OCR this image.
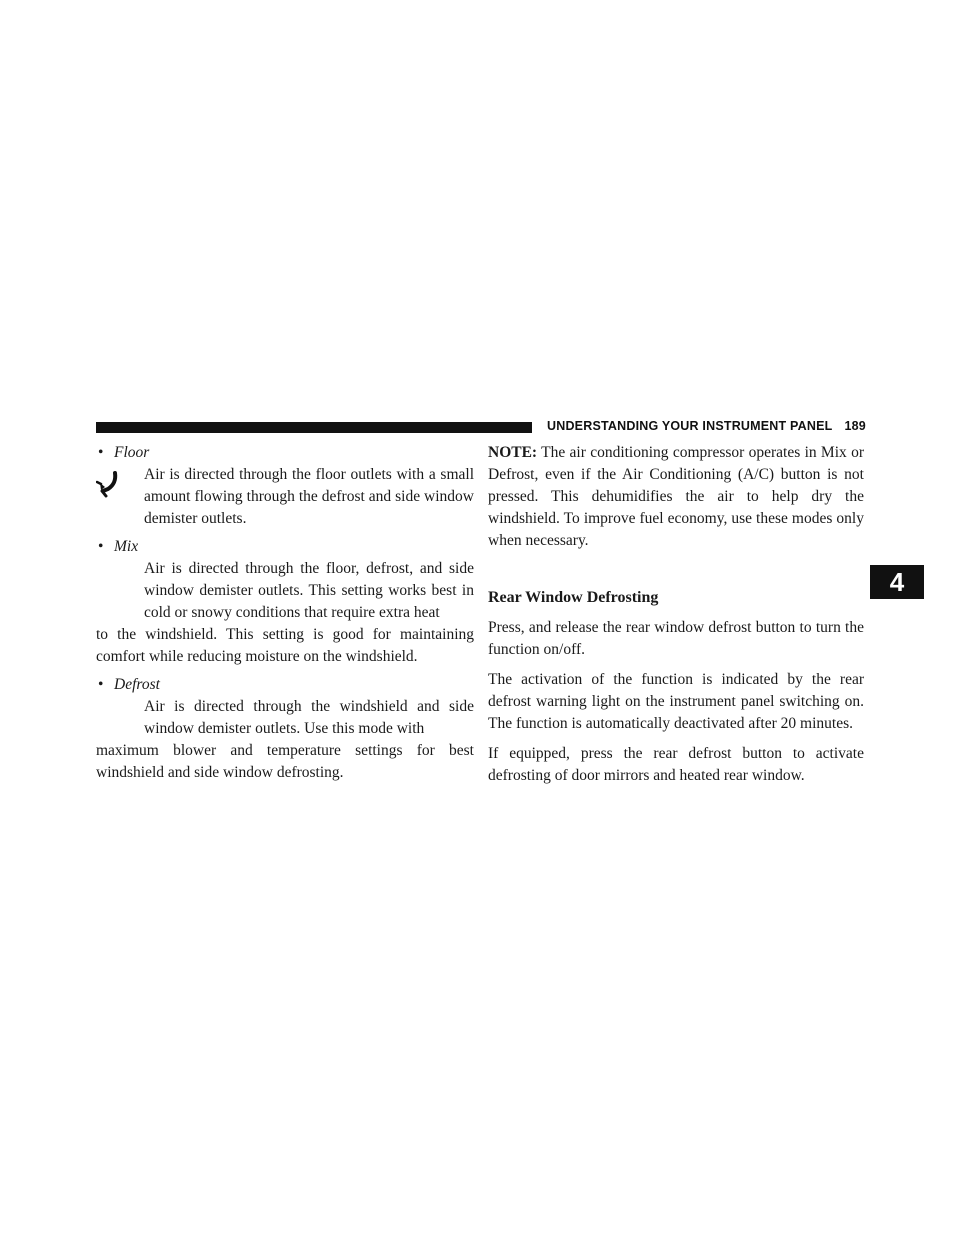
UNDERSTANDING YOUR INSTRUMENT PANEL 189
4
• Floor

Air is directed through the floor outlets with a small amount flowing through the defrost and side window demister outlets.

• Mix

Air is directed through the floor, defrost, and side window demister outlets. This setting works best in cold or snowy conditions that require extra heat

to the windshield. This setting is good for maintaining comfort while reducing moisture on the windshield.

• Defrost

Air is directed through the windshield and side window demister outlets. Use this mode with

maximum blower and temperature settings for best windshield and side window defrosting.

NOTE: The air conditioning compressor operates in Mix or Defrost, even if the Air Conditioning (A/C) button is not pressed. This dehumidifies the air to help dry the windshield. To improve fuel economy, use these modes only when necessary.

Rear Window Defrosting

Press, and release the rear window defrost button to turn the function on/off.

The activation of the function is indicated by the rear defrost warning light on the instrument panel switching on. The function is automatically deactivated after 20 minutes.

If equipped, press the rear defrost button to activate defrosting of door mirrors and heated rear window.
